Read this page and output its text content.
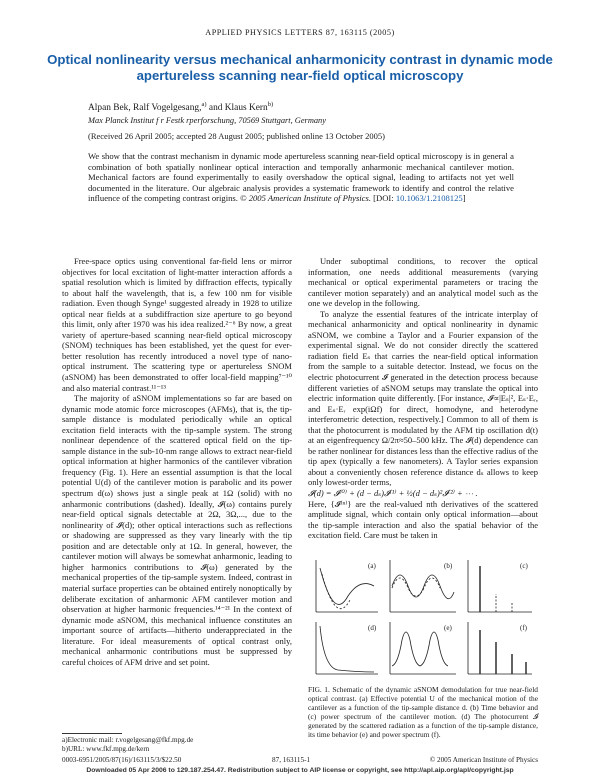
APPLIED PHYSICS LETTERS 87, 163115 (2005)
Optical nonlinearity versus mechanical anharmonicity contrast in dynamic mode apertureless scanning near-field optical microscopy
Alpan Bek, Ralf Vogelgesang,$^{a)}$ and Klaus Kern$^{b)}$
Max Planck Institut f r Festk rperforschung, 70569 Stuttgart, Germany
(Received 26 April 2005; accepted 28 August 2005; published online 13 October 2005)
We show that the contrast mechanism in dynamic mode apertureless scanning near-field optical microscopy is in general a combination of both spatially nonlinear optical interaction and temporally anharmonic mechanical cantilever motion. Mechanical factors are found experimentally to easily overshadow the optical signal, leading to artifacts not yet well documented in the literature. Our algebraic analysis provides a systematic framework to identify and control the relative influence of the competing contrast origins. © 2005 American Institute of Physics. [DOI: 10.1063/1.2108125]

Free-space optics using conventional far-field lens or mirror objectives for local excitation of light-matter interaction affords a spatial resolution which is limited by diffraction effects, typically to about half the wavelength, that is, a few 100 nm for visible radiation. Even though Synge¹ suggested already in 1928 to utilize optical near fields at a subdiffraction size aperture to go beyond this limit, only after 1970 was his idea realized.²⁻⁶ By now, a great variety of aperture-based scanning near-field optical microscopy (SNOM) techniques has been established, yet the quest for ever-better resolution has recently introduced a novel type of nano-optical instrument. The scattering type or apertureless SNOM (aSNOM) has been demonstrated to offer local-field mapping⁷⁻¹⁰ and also material contrast.¹¹⁻¹³

The majority of aSNOM implementations so far are based on dynamic mode atomic force microscopes (AFMs), that is, the tip-sample distance is modulated periodically while an optical excitation field interacts with the tip-sample system. The strong nonlinear dependence of the scattered optical field on the tip-sample distance in the sub-10-nm range allows to extract near-field optical information at higher harmonics of the cantilever vibration frequency (Fig. 1). Here an essential assumption is that the local potential U(d) of the cantilever motion is parabolic and its power spectrum d(ω) shows just a single peak at 1Ω (solid) with no anharmonic contributions (dashed). Ideally, 𝓘(ω) contains purely near-field optical signals detectable at 2Ω, 3Ω,..., due to the nonlinearity of 𝓘(d); other optical interactions such as reflections or shadowing are suppressed as they vary linearly with the tip position and are detectable only at 1Ω. In general, however, the cantilever motion will always be somewhat anharmonic, leading to higher harmonics contributions to 𝓘(ω) generated by the mechanical properties of the tip-sample system. Indeed, contrast in material surface properties can be obtained entirely nonoptically by deliberate excitation of anharmonic AFM cantilever motion and observation at higher harmonic frequencies.¹⁴⁻²¹ In the context of dynamic mode aSNOM, this mechanical influence constitutes an important source of artifacts—hitherto underappreciated in the literature. For ideal measurements of optical contrast only, mechanical anharmonic contributions must be suppressed by careful choices of AFM drive and set point.

Under suboptimal conditions, to recover the optical information, one needs additional measurements (varying mechanical or optical experimental parameters or tracing the cantilever motion separately) and an analytical model such as the one we develop in the following.

To analyze the essential features of the intricate interplay of mechanical anharmonicity and optical nonlinearity in dynamic aSNOM, we combine a Taylor and a Fourier expansion of the experimental signal. We do not consider directly the scattered radiation field Eₛ that carries the near-field optical information from the sample to a suitable detector. Instead, we focus on the electric photocurrent 𝓘 generated in the detection process because different varieties of aSNOM setups may translate the optical into electric information quite differently. [For instance, 𝓘∝|Eₛ|², Eₛ·Eᵣ, and Eₛ·Eᵣ exp(iΩf) for direct, homodyne, and heterodyne interferometric detection, respectively.] Common to all of them is that the photocurrent is modulated by the AFM tip oscillation d(t) at an eigenfrequency Ω/2π≈50–500 kHz. The 𝓘(d) dependence can be rather nonlinear for distances less than the effective radius of the tip apex (typically a few nanometers). A Taylor series expansion about a conveniently chosen reference distance dₛ allows to keep only lowest-order terms,

𝓘(d) = 𝓘⁽⁰⁾ + (d − dₛ)𝓘⁽¹⁾ + ½(d − dₛ)²𝓘⁽²⁾ + ⋯ .

Here, {𝓘⁽ⁿ⁾} are the real-valued nth derivatives of the scattered amplitude signal, which contain only optical information—about the tip-sample interaction and also the spatial behavior of the excitation field. Care must be taken in

(a)	(b)	(c)
(d)	(e)	(f)
FIG. 1. Schematic of the dynamic aSNOM demodulation for true near-field optical contrast. (a) Effective potential U of the mechanical motion of the cantilever as a function of the tip-sample distance d. (b) Time behavior and (c) power spectrum of the cantilever motion. (d) The photocurrent 𝓘 generated by the scattered radiation as a function of the tip-sample distance, its time behavior (e) and power spectrum (f).
a)Electronic mail: r.vogelgesang@fkf.mpg.de
b)URL: www.fkf.mpg.de/kern
0003-6951/2005/87(16)/163115/3/$22.50	87, 163115-1	© 2005 American Institute of Physics
Downloaded 05 Apr 2006 to 129.187.254.47. Redistribution subject to AIP license or copyright, see http://apl.aip.org/apl/copyright.jsp
